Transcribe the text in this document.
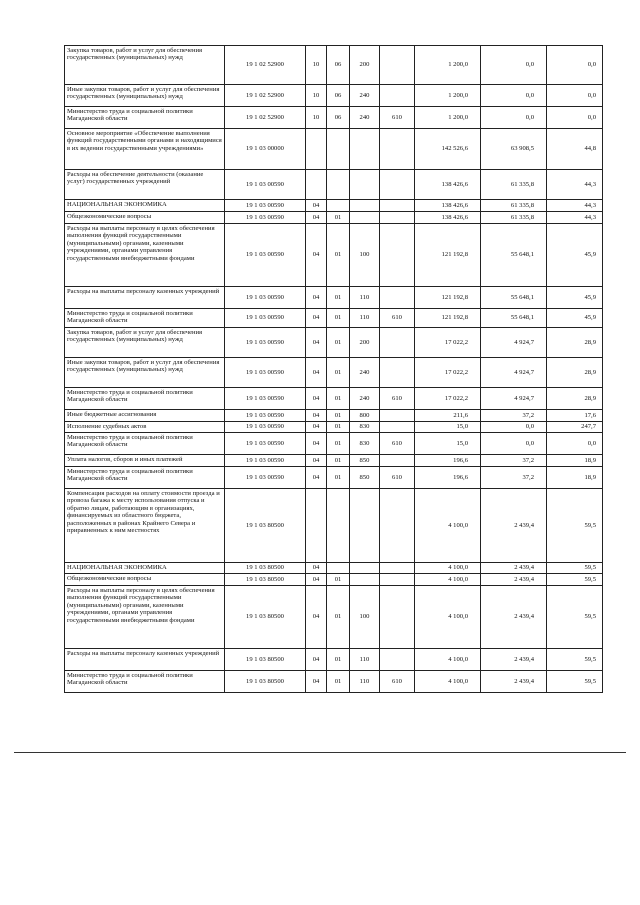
Закупка товаров, работ и услуг для обеспечения государственных (муниципальных) нужд	19 1 02 52900	10	06	200		1 200,0	0,0	0,0
Иные закупки товаров, работ и услуг для обеспечения государственных (муниципальных) нужд	19 1 02 52900	10	06	240		1 200,0	0,0	0,0
Министерство труда и социальной политики Магаданской области	19 1 02 52900	10	06	240	610	1 200,0	0,0	0,0
Основное мероприятие «Обеспечение выполнения функций государственными органами и находящимися в их ведении государственными учреждениями»	19 1 03 00000					142 526,6	63 908,5	44,8
Расходы на обеспечение деятельности (оказание услуг) государственных учреждений	19 1 03 00590					138 426,6	61 335,8	44,3
НАЦИОНАЛЬНАЯ ЭКОНОМИКА	19 1 03 00590	04				138 426,6	61 335,8	44,3
Общеэкономические вопросы	19 1 03 00590	04	01			138 426,6	61 335,8	44,3
Расходы на выплаты персоналу в целях обеспечения выполнения функций государственными (муниципальными) органами, казенными учреждениями, органами управления государственными внебюджетными фондами	19 1 03 00590	04	01	100		121 192,8	55 648,1	45,9
Расходы на выплаты персоналу казенных учреждений	19 1 03 00590	04	01	110		121 192,8	55 648,1	45,9
Министерство труда и социальной политики Магаданской области	19 1 03 00590	04	01	110	610	121 192,8	55 648,1	45,9
Закупка товаров, работ и услуг для обеспечения государственных (муниципальных) нужд	19 1 03 00590	04	01	200		17 022,2	4 924,7	28,9
Иные закупки товаров, работ и услуг для обеспечения государственных (муниципальных) нужд	19 1 03 00590	04	01	240		17 022,2	4 924,7	28,9
Министерство труда и социальной политики Магаданской области	19 1 03 00590	04	01	240	610	17 022,2	4 924,7	28,9
Иные бюджетные ассигнования	19 1 03 00590	04	01	800		211,6	37,2	17,6
Исполнение судебных актов	19 1 03 00590	04	01	830		15,0	0,0	247,7
Министерство труда и социальной политики Магаданской области	19 1 03 00590	04	01	830	610	15,0	0,0	0,0
Уплата налогов, сборов и иных платежей	19 1 03 00590	04	01	850		196,6	37,2	18,9
Министерство труда и социальной политики Магаданской области	19 1 03 00590	04	01	850	610	196,6	37,2	18,9
Компенсация расходов на оплату стоимости проезда и провоза багажа к месту использования отпуска и обратно лицам, работающим в организациях, финансируемых из областного бюджета, расположенных в районах Крайнего Севера и приравненных к ним местностях	19 1 03 80500					4 100,0	2 439,4	59,5
НАЦИОНАЛЬНАЯ ЭКОНОМИКА	19 1 03 80500	04				4 100,0	2 439,4	59,5
Общеэкономические вопросы	19 1 03 80500	04	01			4 100,0	2 439,4	59,5
Расходы на выплаты персоналу в целях обеспечения выполнения функций государственными (муниципальными) органами, казенными учреждениями, органами управления государственными внебюджетными фондами	19 1 03 80500	04	01	100		4 100,0	2 439,4	59,5
Расходы на выплаты персоналу казенных учреждений	19 1 03 80500	04	01	110		4 100,0	2 439,4	59,5
Министерство труда и социальной политики Магаданской области	19 1 03 80500	04	01	110	610	4 100,0	2 439,4	59,5
